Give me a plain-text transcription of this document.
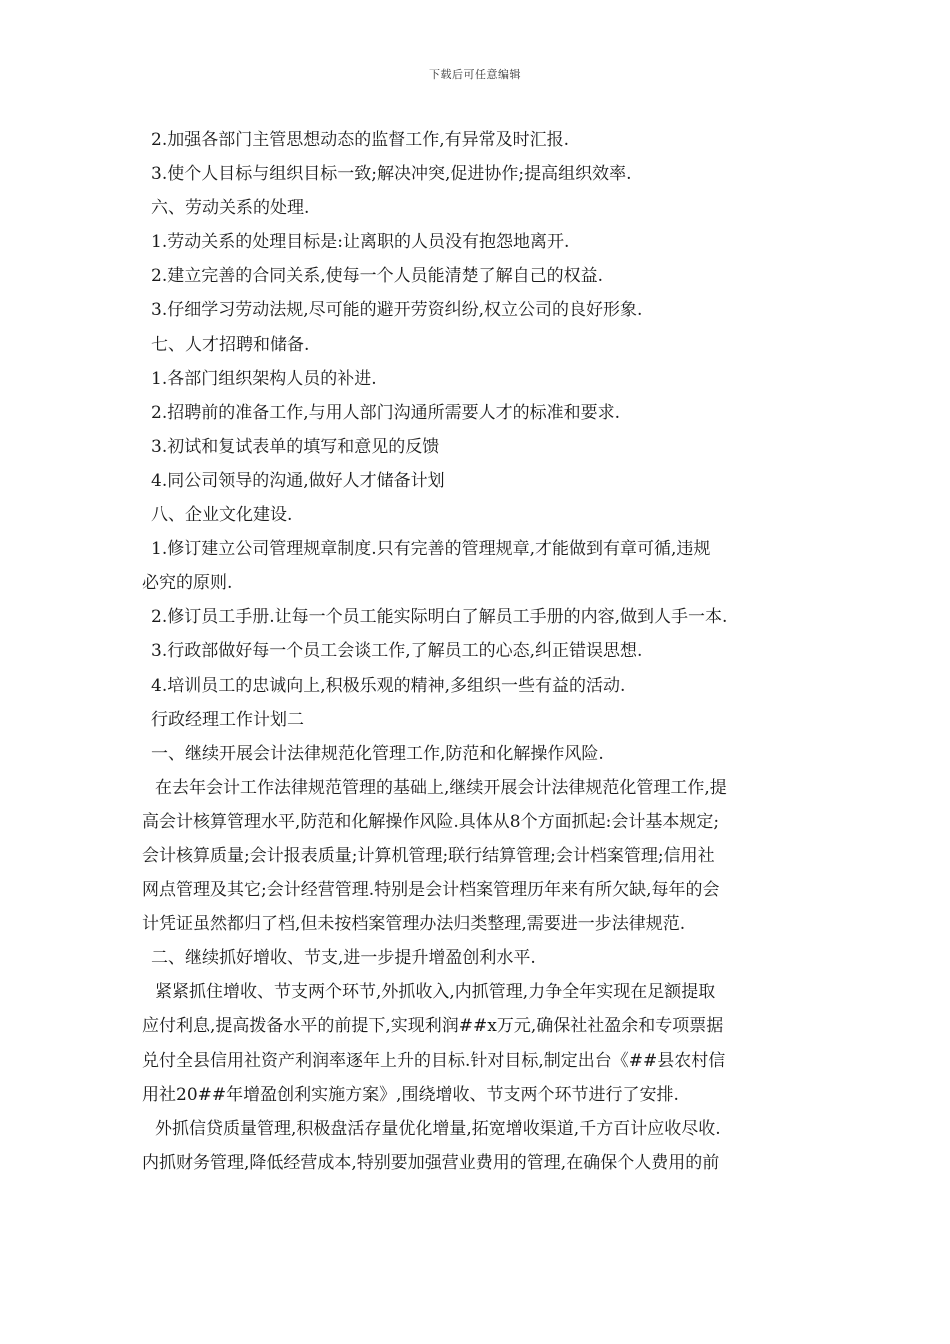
下载后可任意编辑
2.加强各部门主管思想动态的监督工作,有异常及时汇报.
3.使个人目标与组织目标一致;解决冲突,促进协作;提高组织效率.
六、劳动关系的处理.
1.劳动关系的处理目标是:让离职的人员没有抱怨地离开.
2.建立完善的合同关系,使每一个人员能清楚了解自己的权益.
3.仔细学习劳动法规,尽可能的避开劳资纠纷,权立公司的良好形象.
七、人才招聘和储备.
1.各部门组织架构人员的补进.
2.招聘前的准备工作,与用人部门沟通所需要人才的标准和要求.
3.初试和复试表单的填写和意见的反馈
4.同公司领导的沟通,做好人才储备计划
八、企业文化建设.
1.修订建立公司管理规章制度.只有完善的管理规章,才能做到有章可循,违规
必究的原则.
2.修订员工手册.让每一个员工能实际明白了解员工手册的内容,做到人手一本.
3.行政部做好每一个员工会谈工作,了解员工的心态,纠正错误思想.
4.培训员工的忠诚向上,积极乐观的精神,多组织一些有益的活动.
行政经理工作计划二
一、继续开展会计法律规范化管理工作,防范和化解操作风险.
在去年会计工作法律规范管理的基础上,继续开展会计法律规范化管理工作,提
高会计核算管理水平,防范和化解操作风险.具体从8个方面抓起:会计基本规定;
会计核算质量;会计报表质量;计算机管理;联行结算管理;会计档案管理;信用社
网点管理及其它;会计经营管理.特别是会计档案管理历年来有所欠缺,每年的会
计凭证虽然都归了档,但未按档案管理办法归类整理,需要进一步法律规范.
二、继续抓好增收、节支,进一步提升增盈创利水平.
紧紧抓住增收、节支两个环节,外抓收入,内抓管理,力争全年实现在足额提取
应付利息,提高拨备水平的前提下,实现利润##x万元,确保社社盈余和专项票据
兑付全县信用社资产利润率逐年上升的目标.针对目标,制定出台《##县农村信
用社20##年增盈创利实施方案》,围绕增收、节支两个环节进行了安排.
外抓信贷质量管理,积极盘活存量优化增量,拓宽增收渠道,千方百计应收尽收.
内抓财务管理,降低经营成本,特别要加强营业费用的管理,在确保个人费用的前
